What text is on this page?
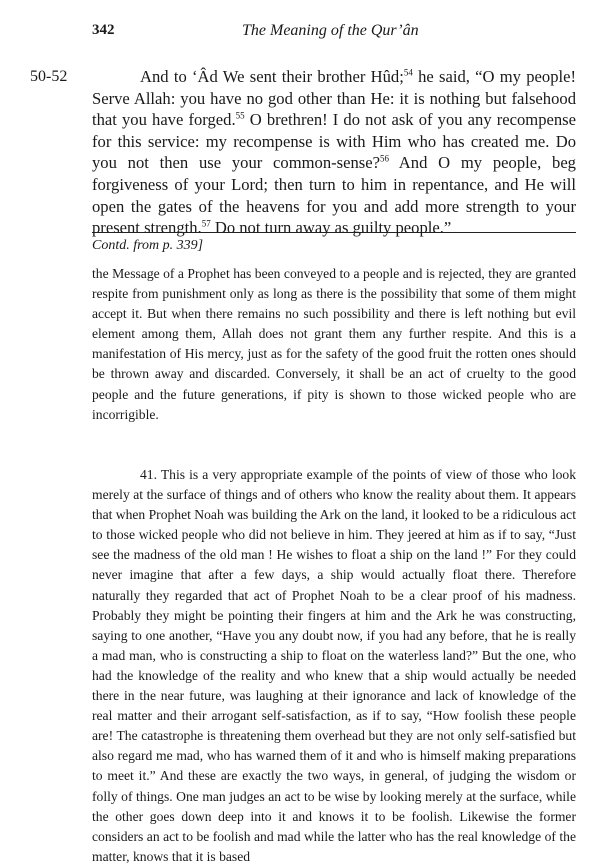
342	The Meaning of the Qur’ân
50-52	And to ‘Âd We sent their brother Hûd;$^{54}$ he said, “O my people! Serve Allah: you have no god other than He: it is nothing but falsehood that you have forged.$^{55}$ O brethren! I do not ask of you any recompense for this service: my recompense is with Him who has created me. Do you not then use your common-sense?$^{56}$ And O my people, beg forgiveness of your Lord; then turn to him in repentance, and He will open the gates of the heavens for you and add more strength to your present strength.$^{57}$ Do not turn away as guilty people.”

Contd. from p. 339]

the Message of a Prophet has been conveyed to a people and is rejected, they are granted respite from punishment only as long as there is the possibility that some of them might accept it. But when there remains no such possibility and there is left nothing but evil element among them, Allah does not grant them any further respite. And this is a manifestation of His mercy, just as for the safety of the good fruit the rotten ones should be thrown away and discarded. Conversely, it shall be an act of cruelty to the good people and the future generations, if pity is shown to those wicked people who are incorrigible.

41. This is a very appropriate example of the points of view of those who look merely at the surface of things and of others who know the reality about them. It appears that when Prophet Noah was building the Ark on the land, it looked to be a ridiculous act to those wicked people who did not believe in him. They jeered at him as if to say, “Just see the madness of the old man ! He wishes to float a ship on the land !” For they could never imagine that after a few days, a ship would actually float there. Therefore naturally they regarded that act of Prophet Noah to be a clear proof of his madness. Probably they might be pointing their fingers at him and the Ark he was constructing, saying to one another, “Have you any doubt now, if you had any before, that he is really a mad man, who is constructing a ship to float on the waterless land?” But the one, who had the knowledge of the reality and who knew that a ship would actually be needed there in the near future, was laughing at their ignorance and lack of knowledge of the real matter and their arrogant self-satisfaction, as if to say, “How foolish these people are! The catastrophe is threatening them overhead but they are not only self-satisfied but also regard me mad, who has warned them of it and who is himself making preparations to meet it.” And these are exactly the two ways, in general, of judging the wisdom or folly of things. One man judges an act to be wise by looking merely at the surface, while the other goes down deep into it and knows it to be foolish. Likewise the former considers an act to be foolish and mad while the latter who has the real knowledge of the matter, knows that it is based
